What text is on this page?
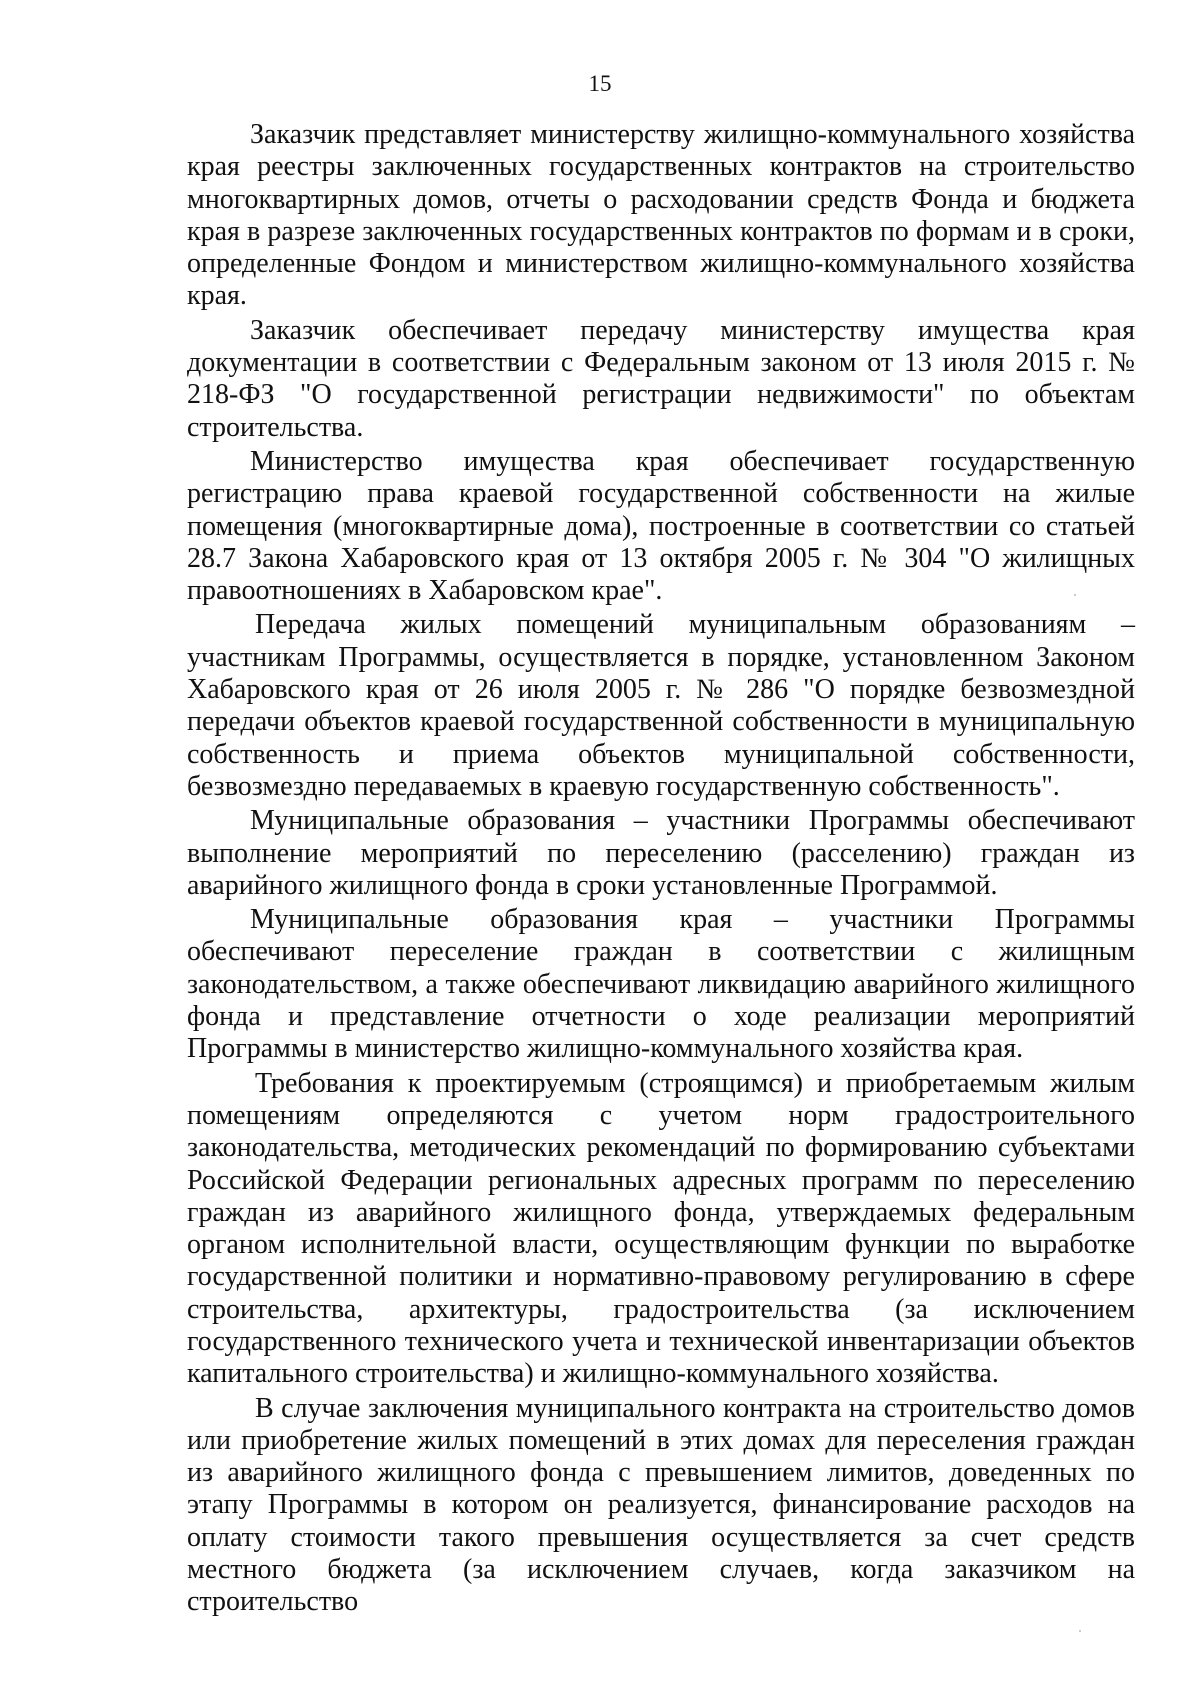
15

Заказчик представляет министерству жилищно-коммунального хозяйства края реестры заключенных государственных контрактов на строительство многоквартирных домов, отчеты о расходовании средств Фонда и бюджета края в разрезе заключенных государственных контрактов по формам и в сроки, определенные Фондом и министерством жилищно-коммунального хозяйства края.

Заказчик обеспечивает передачу министерству имущества края документации в соответствии с Федеральным законом от 13 июля 2015 г. № 218-ФЗ "О государственной регистрации недвижимости" по объектам строительства.

Министерство имущества края обеспечивает государственную регистрацию права краевой государственной собственности на жилые помещения (многоквартирные дома), построенные в соответствии со статьей 28.7 Закона Хабаровского края от 13 октября 2005 г. № 304 "О жилищных правоотношениях в Хабаровском крае".

Передача жилых помещений муниципальным образованиям – участникам Программы, осуществляется в порядке, установленном Законом Хабаровского края от 26 июля 2005 г. № 286 "О порядке безвозмездной передачи объектов краевой государственной собственности в муниципальную собственность и приема объектов муниципальной собственности, безвозмездно передаваемых в краевую государственную собственность".

Муниципальные образования – участники Программы обеспечивают выполнение мероприятий по переселению (расселению) граждан из аварийного жилищного фонда в сроки установленные Программой.

Муниципальные образования края – участники Программы обеспечивают переселение граждан в соответствии с жилищным законодательством, а также обеспечивают ликвидацию аварийного жилищного фонда и представление отчетности о ходе реализации мероприятий Программы в министерство жилищно-коммунального хозяйства края.

Требования к проектируемым (строящимся) и приобретаемым жилым помещениям определяются с учетом норм градостроительного законодательства, методических рекомендаций по формированию субъектами Российской Федерации региональных адресных программ по переселению граждан из аварийного жилищного фонда, утверждаемых федеральным органом исполнительной власти, осуществляющим функции по выработке государственной политики и нормативно-правовому регулированию в сфере строительства, архитектуры, градостроительства (за исключением государственного технического учета и технической инвентаризации объектов капитального строительства) и жилищно-коммунального хозяйства.

В случае заключения муниципального контракта на строительство домов или приобретение жилых помещений в этих домах для переселения граждан из аварийного жилищного фонда с превышением лимитов, доведенных по этапу Программы в котором он реализуется, финансирование расходов на оплату стоимости такого превышения осуществляется за счет средств местного бюджета (за исключением случаев, когда заказчиком на строительство
